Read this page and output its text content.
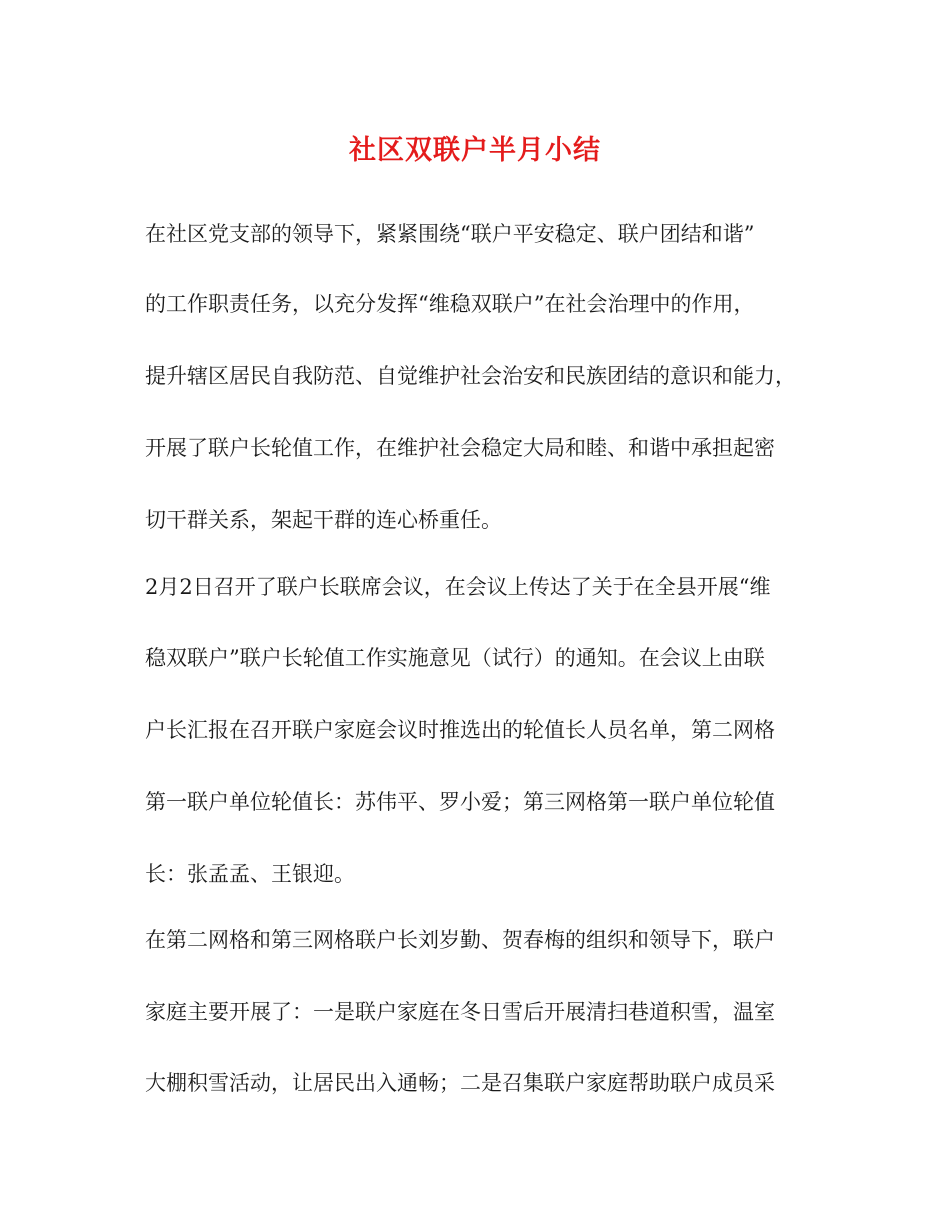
社区双联户半月小结

在社区党支部的领导下，紧紧围绕“联户平安稳定、联户团结和谐”

的工作职责任务，以充分发挥“维稳双联户”在社会治理中的作用，

提升辖区居民自我防范、自觉维护社会治安和民族团结的意识和能力，

开展了联户长轮值工作，在维护社会稳定大局和睦、和谐中承担起密

切干群关系，架起干群的连心桥重任。

2月2日召开了联户长联席会议，在会议上传达了关于在全县开展“维

稳双联户”联户长轮值工作实施意见（试行）的通知。在会议上由联

户长汇报在召开联户家庭会议时推选出的轮值长人员名单，第二网格

第一联户单位轮值长：苏伟平、罗小爱；第三网格第一联户单位轮值

长：张孟孟、王银迎。

在第二网格和第三网格联户长刘岁勤、贺春梅的组织和领导下，联户

家庭主要开展了：一是联户家庭在冬日雪后开展清扫巷道积雪，温室

大棚积雪活动，让居民出入通畅；二是召集联户家庭帮助联户成员采
